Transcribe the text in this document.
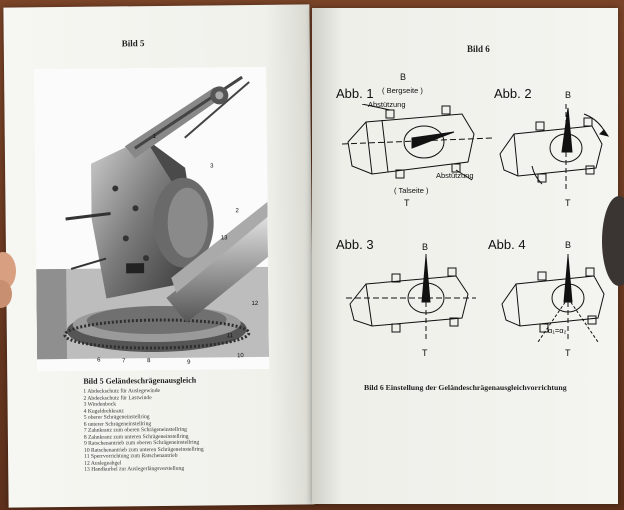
Bild 5
1
2
3
6	7	8	9
10
11
12
13
Bild 5 Geländeschrägenausgleich
1 Abdeckschutz für Auslegewinde
2 Abdeckschutz für Lastwinde
3 Windenbock
4 Kugeldrehkranz
5 oberer Schrägeneinstellring
6 unterer Schrägeneinstellring
7 Zahnkranz zum oberen Schrägeneinstellring
8 Zahnkranz zum unteren Schrägeneinstellring
9 Ratschenantrieb zum oberen Schrägeneinstellring
10 Ratschenantrieb zum unteren Schrägeneinstellring
11 Sperrvorrichtung zum Ratschenantrieb
12 Auslegeabgel
13 Handkurbel zur Auslegerlängsverstellung
Bild 6
Abb. 1
B
( Bergseite )
Abstützung
Abstützung
( Talseite )
T
Abb. 2	B
T
Abb. 3	B
T
Abb. 4	B
α₁=α₂
T
Bild 6 Einstellung der Geländeschrägenausgleichvorrichtung
